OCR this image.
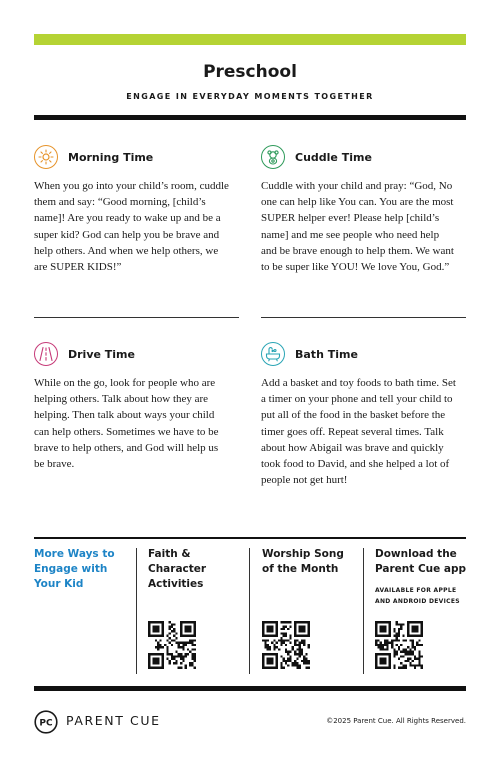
Preschool
ENGAGE IN EVERYDAY MOMENTS TOGETHER
Morning Time
When you go into your child’s room, cuddle
them and say: “Good morning, [child’s
name]! Are you ready to wake up and be a
super kid? God can help you be brave and
help others. And when we help others, we
are SUPER KIDS!”
Cuddle Time
Cuddle with your child and pray: “God, No
one can help like You can. You are the most
SUPER helper ever! Please help [child’s
name] and me see people who need help
and be brave enough to help them. We want
to be super like YOU! We love You, God.”
Drive Time
While on the go, look for people who are
helping others. Talk about how they are
helping. Then talk about ways your child
can help others. Sometimes we have to be
brave to help others, and God will help us
be brave.
Bath Time
Add a basket and toy foods to bath time. Set
a timer on your phone and tell your child to
put all of the food in the basket before the
timer goes off. Repeat several times. Talk
about how Abigail was brave and quickly
took food to David, and she helped a lot of
people not get hurt!
More Ways to
Engage with
Your Kid
Faith &
Character
Activities
Worship Song
of the Month
Download the
Parent Cue app
AVAILABLE FOR APPLE
AND ANDROID DEVICES
PC PARENT CUE	©2025 Parent Cue. All Rights Reserved.
